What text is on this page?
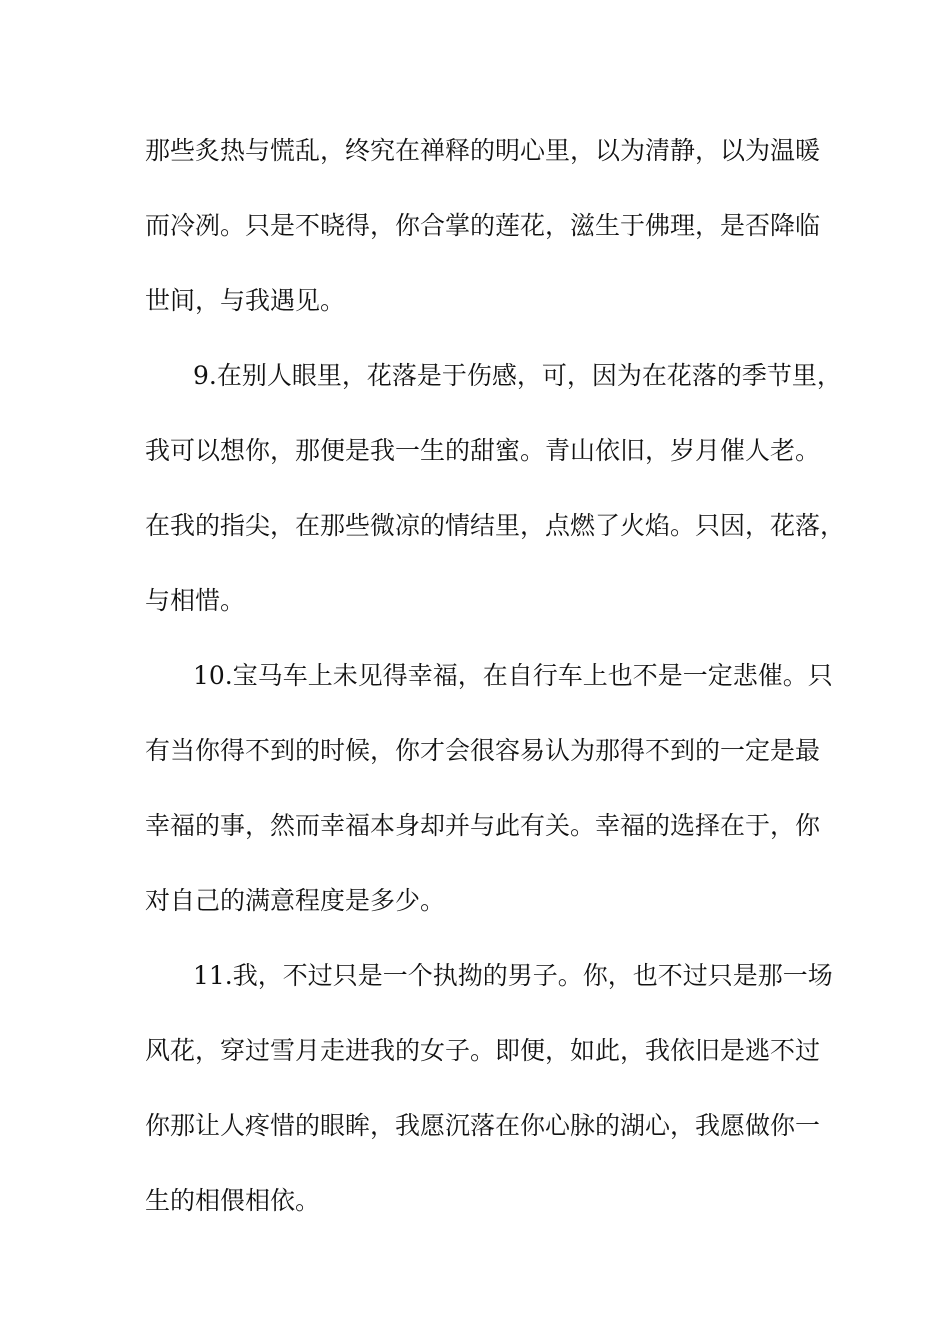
那些炙热与慌乱，终究在禅释的明心里，以为清静，以为温暖
而冷冽。只是不晓得，你合掌的莲花，滋生于佛理，是否降临
世间，与我遇见。
9.在别人眼里，花落是于伤感，可，因为在花落的季节里，
我可以想你，那便是我一生的甜蜜。青山依旧，岁月催人老。
在我的指尖，在那些微凉的情结里，点燃了火焰。只因，花落，
与相惜。
10.宝马车上未见得幸福，在自行车上也不是一定悲催。只
有当你得不到的时候，你才会很容易认为那得不到的一定是最
幸福的事，然而幸福本身却并与此有关。幸福的选择在于，你
对自己的满意程度是多少。
11.我，不过只是一个执拗的男子。你，也不过只是那一场
风花，穿过雪月走进我的女子。即便，如此，我依旧是逃不过
你那让人疼惜的眼眸，我愿沉落在你心脉的湖心，我愿做你一
生的相偎相依。
